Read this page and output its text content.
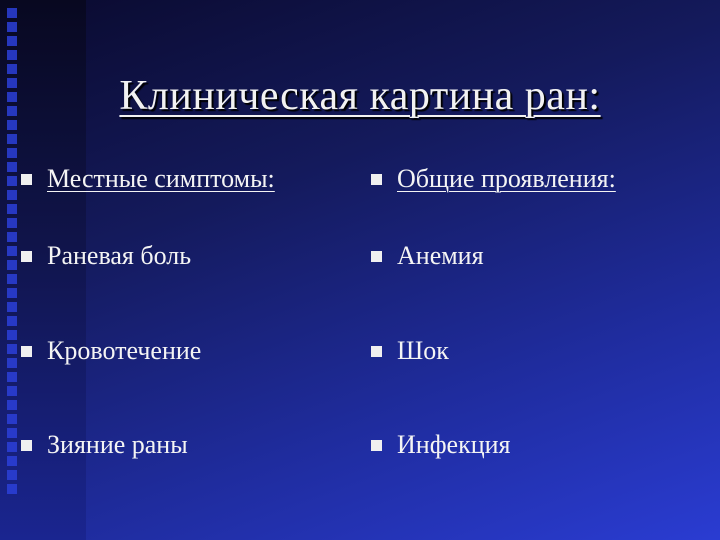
Клиническая картина ран:
Местные симптомы:
Раневая боль
Кровотечение
Зияние раны
Общие проявления:
Анемия
Шок
Инфекция
